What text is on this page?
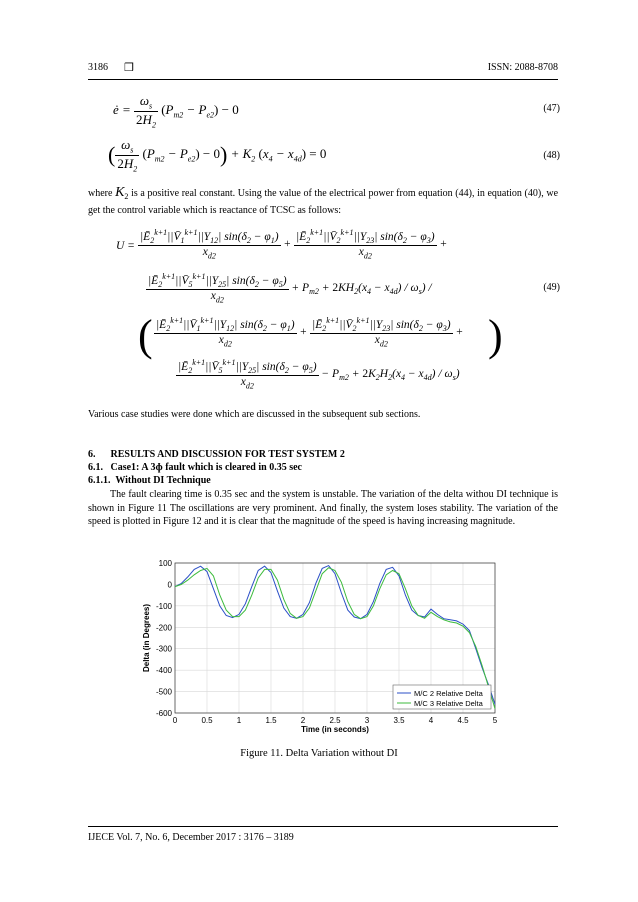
3186 ❒	ISSN: 2088-8708
ė = $\frac{\omega_s}{2H_2} (P_{m2} - P_{e2}) - 0$	(47)
( $\frac{\omega_s}{2H_2} (P_{m2} - P_{e2}) - 0) + K_2$ $(x_4 - x_{4d}) = 0$	(48)
where $K_2$ is a positive real constant. Using the value of the electrical power from equation (44), in equation (40), we get the control variable which is reactance of TCSC as follows:
$U = \frac{|Ē_2^{k+1}||V̄_1^{k+1}||Y_{12}| \sin(\delta_2 - \varphi_1)}{x_{d2}} + \frac{|Ē_2^{k+1}||V̄_2^{k+1}||Y_{23}| \sin(\delta_2 - \varphi_3)}{x_{d2}}$ +
$\frac{|Ē_2^{k+1}||V̄_5^{k+1}||Y_{25}| \sin(\delta_2 - \varphi_5)}{x_{d2}} + P_{m2} + 2KH_2(x_4 - x_{4d}) / \omega_s$) /
( $\frac{|Ē_2^{k+1}||V̄_1^{k+1}||Y_{12}| \sin(\delta_2 - \varphi_1)}{x_{d2}} + \frac{|Ē_2^{k+1}||V̄_2^{k+1}||Y_{23}| \sin(\delta_2 - \varphi_3)}{x_{d2}}$ +
$\frac{|Ē_2^{k+1}||V̄_5^{k+1}||Y_{25}| \sin(\delta_2 - \varphi_5)}{x_{d2}} - P_{m2} + 2K_2H_2(x_4 - x_{4d}) / \omega_s$)
)
(49)
Various case studies were done which are discussed in the subsequent sub sections.
6.      RESULTS AND DISCUSSION FOR TEST SYSTEM 2
6.1.   Case1: A 3ɸ fault which is cleared in 0.35 sec
6.1.1.  Without DI Technique
The fault clearing time is 0.35 sec and the system is unstable. The variation of the delta withou DI technique is shown in Figure 11 The oscillations are very prominent. And finally, the system loses stability. The variation of the speed is plotted in Figure 12 and it is clear that the magnitude of the speed is having increasing magnitude.
0	0.5	1	1.5	2	2.5	3	3.5	4	4.5	5
100
0
-100
-200
-300
-400
-500
-600
Time (in seconds)
Delta (in Degrees)
M/C 2 Relative Delta
M/C 3 Relative Delta
Figure 11. Delta Variation without DI
IJECE Vol. 7, No. 6, December 2017 : 3176 – 3189
